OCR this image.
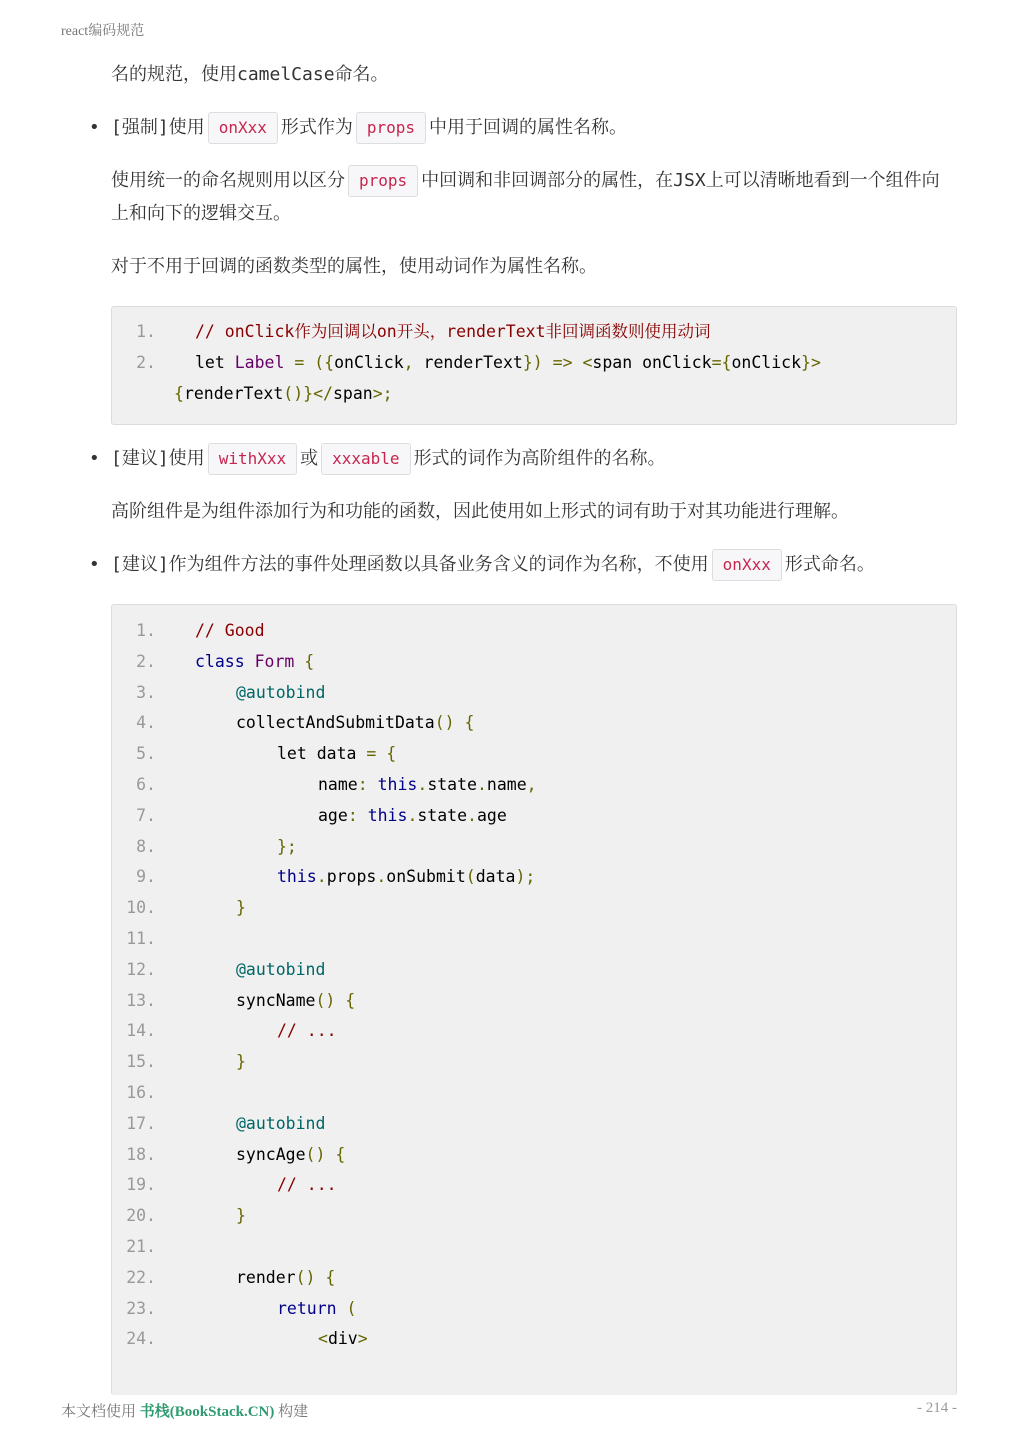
react编码规范

名的规范，使用camelCase命名。

• [强制]使用 onXxx 形式作为 props 中用于回调的属性名称。

使用统一的命名规则用以区分 props 中回调和非回调部分的属性，在JSX上可以清晰地看到一个组件向上和向下的逻辑交互。

对于不用于回调的函数类型的属性，使用动词作为属性名称。

1. // onClick作为回调以on开头，renderText非回调函数则使用动词
2. let Label = ({onClick, renderText}) => <span onClick={onClick}>
{renderText()}</span>;
• [建议]使用 withXxx 或 xxxable 形式的词作为高阶组件的名称。

高阶组件是为组件添加行为和功能的函数，因此使用如上形式的词有助于对其功能进行理解。

• [建议]作为组件方法的事件处理函数以具备业务含义的词作为名称，不使用 onXxx 形式命名。
1. // Good
2. class Form {
3.	@autobind
4.	collectAndSubmitData() {
5.	let data = {
6.	name: this.state.name,
7.	age: this.state.age
8.	};
9.	this.props.onSubmit(data);
10.	}
11.
12.	@autobind
13.	syncName() {
14.	// ...
15.	}
16.
17.	@autobind
18.	syncAge() {
19.	// ...
20.	}
21.
22.	render() {
23.	return (
24.	<div>
本文档使用 书栈(BookStack.CN) 构建	- 214 -
